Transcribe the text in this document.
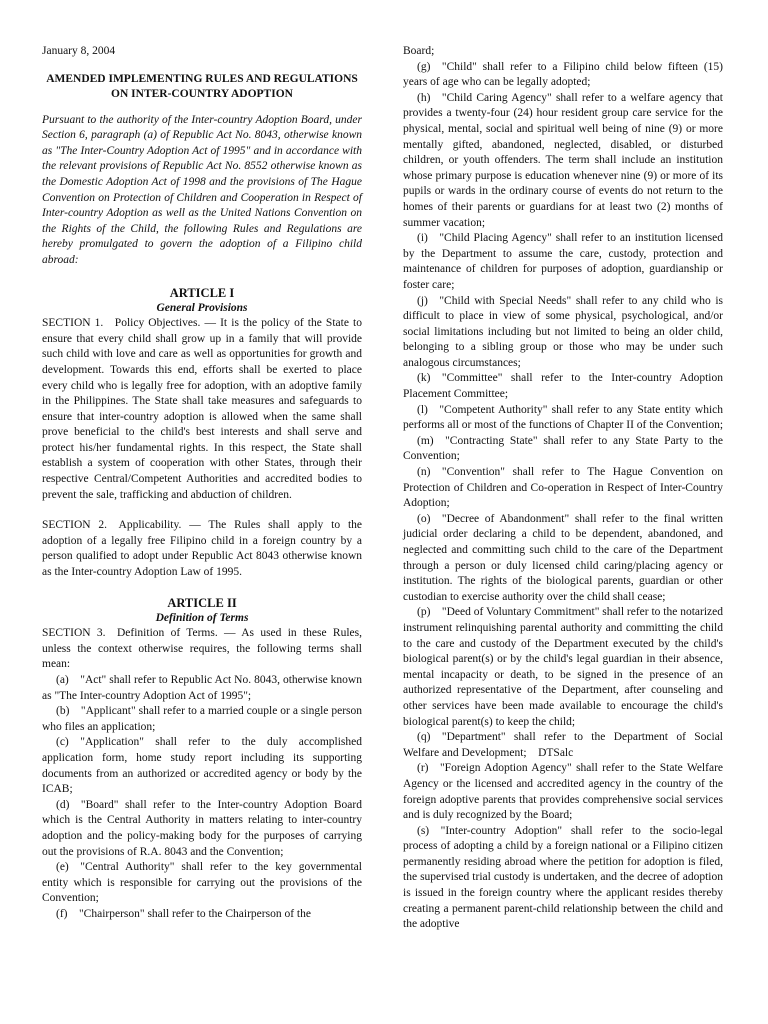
January 8, 2004

AMENDED IMPLEMENTING RULES AND REGULATIONS
ON INTER-COUNTRY ADOPTION

Pursuant to the authority of the Inter-country Adoption Board, under Section 6, paragraph (a) of Republic Act No. 8043, otherwise known as "The Inter-Country Adoption Act of 1995" and in accordance with the relevant provisions of Republic Act No. 8552 otherwise known as the Domestic Adoption Act of 1998 and the provisions of The Hague Convention on Protection of Children and Cooperation in Respect of Inter-country Adoption as well as the United Nations Convention on the Rights of the Child, the following Rules and Regulations are hereby promulgated to govern the adoption of a Filipino child abroad:

ARTICLE I
General Provisions

SECTION 1. Policy Objectives. — It is the policy of the State to ensure that every child shall grow up in a family that will provide such child with love and care as well as opportunities for growth and development. Towards this end, efforts shall be exerted to place every child who is legally free for adoption, with an adoptive family in the Philippines. The State shall take measures and safeguards to ensure that inter-country adoption is allowed when the same shall prove beneficial to the child's best interests and shall serve and protect his/her fundamental rights. In this respect, the State shall establish a system of cooperation with other States, through their respective Central/Competent Authorities and accredited bodies to prevent the sale, trafficking and abduction of children.

SECTION 2. Applicability. — The Rules shall apply to the adoption of a legally free Filipino child in a foreign country by a person qualified to adopt under Republic Act 8043 otherwise known as the Inter-country Adoption Law of 1995.

ARTICLE II
Definition of Terms

SECTION 3. Definition of Terms. — As used in these Rules, unless the context otherwise requires, the following terms shall mean:

(a) "Act" shall refer to Republic Act No. 8043, otherwise known as "The Inter-country Adoption Act of 1995";

(b) "Applicant" shall refer to a married couple or a single person who files an application;

(c) "Application" shall refer to the duly accomplished application form, home study report including its supporting documents from an authorized or accredited agency or body by the ICAB;

(d) "Board" shall refer to the Inter-country Adoption Board which is the Central Authority in matters relating to inter-country adoption and the policy-making body for the purposes of carrying out the provisions of R.A. 8043 and the Convention;

(e) "Central Authority" shall refer to the key governmental entity which is responsible for carrying out the provisions of the Convention;

(f) "Chairperson" shall refer to the Chairperson of the

Board;

(g) "Child" shall refer to a Filipino child below fifteen (15) years of age who can be legally adopted;

(h) "Child Caring Agency" shall refer to a welfare agency that provides a twenty-four (24) hour resident group care service for the physical, mental, social and spiritual well being of nine (9) or more mentally gifted, abandoned, neglected, disabled, or disturbed children, or youth offenders. The term shall include an institution whose primary purpose is education whenever nine (9) or more of its pupils or wards in the ordinary course of events do not return to the homes of their parents or guardians for at least two (2) months of summer vacation;

(i) "Child Placing Agency" shall refer to an institution licensed by the Department to assume the care, custody, protection and maintenance of children for purposes of adoption, guardianship or foster care;

(j) "Child with Special Needs" shall refer to any child who is difficult to place in view of some physical, psychological, and/or social limitations including but not limited to being an older child, belonging to a sibling group or those who may be under such analogous circumstances;

(k) "Committee" shall refer to the Inter-country Adoption Placement Committee;

(l) "Competent Authority" shall refer to any State entity which performs all or most of the functions of Chapter II of the Convention;

(m) "Contracting State" shall refer to any State Party to the Convention;

(n) "Convention" shall refer to The Hague Convention on Protection of Children and Co-operation in Respect of Inter-Country Adoption;

(o) "Decree of Abandonment" shall refer to the final written judicial order declaring a child to be dependent, abandoned, and neglected and committing such child to the care of the Department through a person or duly licensed child caring/placing agency or institution. The rights of the biological parents, guardian or other custodian to exercise authority over the child shall cease;

(p) "Deed of Voluntary Commitment" shall refer to the notarized instrument relinquishing parental authority and committing the child to the care and custody of the Department executed by the child's biological parent(s) or by the child's legal guardian in their absence, mental incapacity or death, to be signed in the presence of an authorized representative of the Department, after counseling and other services have been made available to encourage the child's biological parent(s) to keep the child;

(q) "Department" shall refer to the Department of Social Welfare and Development; DTSalc

(r) "Foreign Adoption Agency" shall refer to the State Welfare Agency or the licensed and accredited agency in the country of the foreign adoptive parents that provides comprehensive social services and is duly recognized by the Board;

(s) "Inter-country Adoption" shall refer to the socio-legal process of adopting a child by a foreign national or a Filipino citizen permanently residing abroad where the petition for adoption is filed, the supervised trial custody is undertaken, and the decree of adoption is issued in the foreign country where the applicant resides thereby creating a permanent parent-child relationship between the child and the adoptive
